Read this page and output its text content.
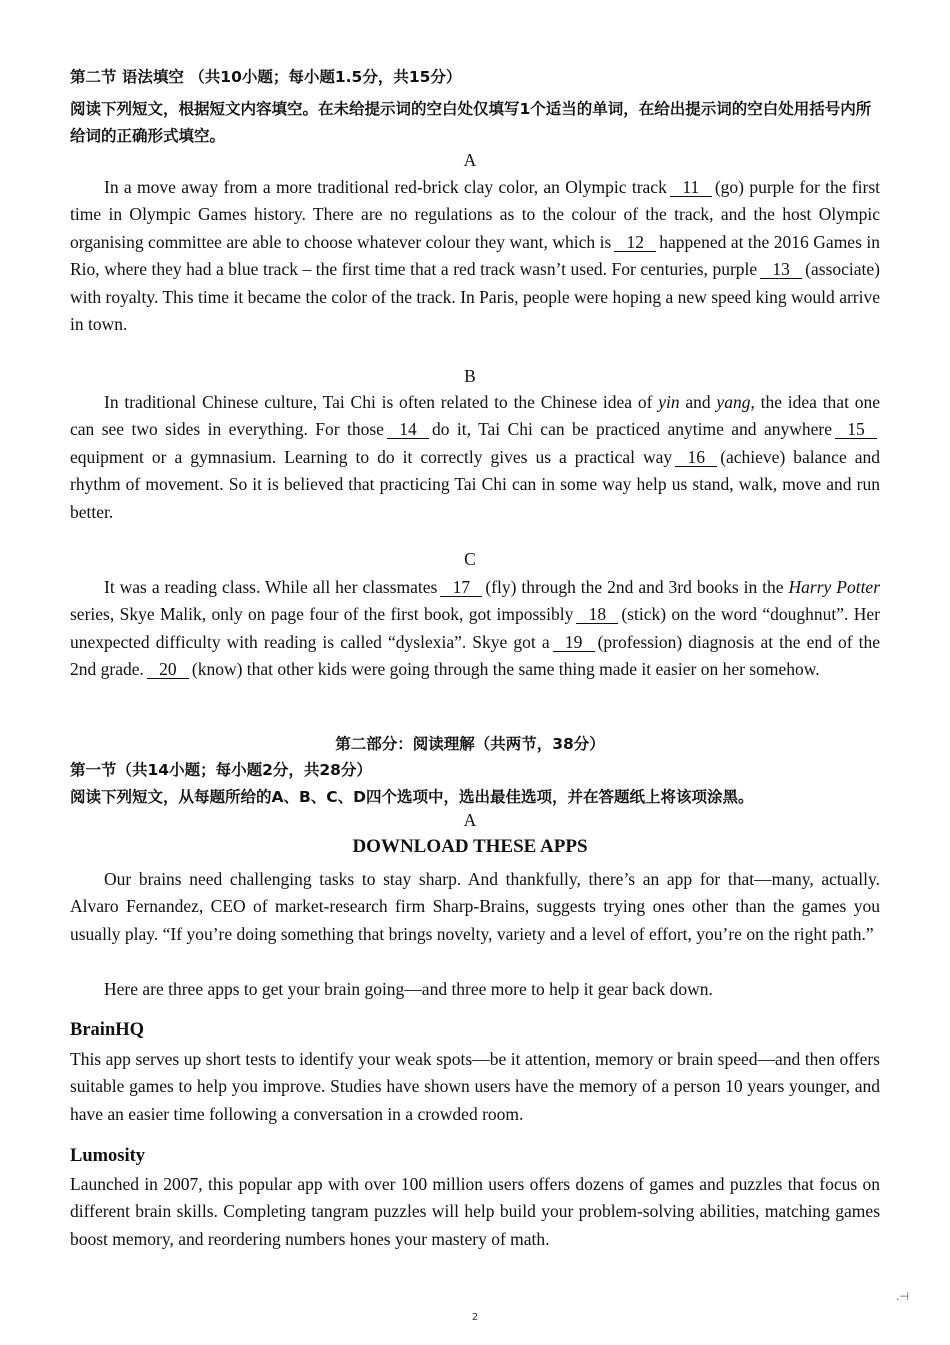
第二节 语法填空 （共10小题；每小题1.5分，共15分）

阅读下列短文，根据短文内容填空。在未给提示词的空白处仅填写1个适当的单词，在给出提示词的空白处用括号内所给词的正确形式填空。

A

In a move away from a more traditional red-brick clay color, an Olympic track 11 (go) purple for the first time in Olympic Games history. There are no regulations as to the colour of the track, and the host Olympic organising committee are able to choose whatever colour they want, which is 12 happened at the 2016 Games in Rio, where they had a blue track – the first time that a red track wasn’t used. For centuries, purple 13 (associate) with royalty. This time it became the color of the track. In Paris, people were hoping a new speed king would arrive in town.

B

In traditional Chinese culture, Tai Chi is often related to the Chinese idea of yin and yang, the idea that one can see two sides in everything. For those 14 do it, Tai Chi can be practiced anytime and anywhere 15equipment or a gymnasium. Learning to do it correctly gives us a practical way 16 (achieve) balance and rhythm of movement. So it is believed that practicing Tai Chi can in some way help us stand, walk, move and run better.

C

It was a reading class. While all her classmates 17 (fly) through the 2nd and 3rd books in the Harry Potter series, Skye Malik, only on page four of the first book, got impossibly 18 (stick) on the word “doughnut”. Her unexpected difficulty with reading is called “dyslexia”. Skye got a 19 (profession) diagnosis at the end of the 2nd grade. 20 (know) that other kids were going through the same thing made it easier on her somehow.

第二部分：阅读理解（共两节，38分）

第一节（共14小题；每小题2分，共28分）

阅读下列短文，从每题所给的A、B、C、D四个选项中，选出最佳选项，并在答题纸上将该项涂黑。

A
DOWNLOAD THESE APPS

Our brains need challenging tasks to stay sharp. And thankfully, there’s an app for that—many, actually. Alvaro Fernandez, CEO of market-research firm Sharp-Brains, suggests trying ones other than the games you usually play. “If you’re doing something that brings novelty, variety and a level of effort, you’re on the right path.”

Here are three apps to get your brain going—and three more to help it gear back down.

BrainHQ

This app serves up short tests to identify your weak spots—be it attention, memory or brain speed—and then offers suitable games to help you improve. Studies have shown users have the memory of a person 10 years younger, and have an easier time following a conversation in a crowded room.

Lumosity

Launched in 2007, this popular app with over 100 million users offers dozens of games and puzzles that focus on different brain skills. Completing tangram puzzles will help build your problem-solving abilities, matching games boost memory, and reordering numbers hones your mastery of math.

.⊣
2
